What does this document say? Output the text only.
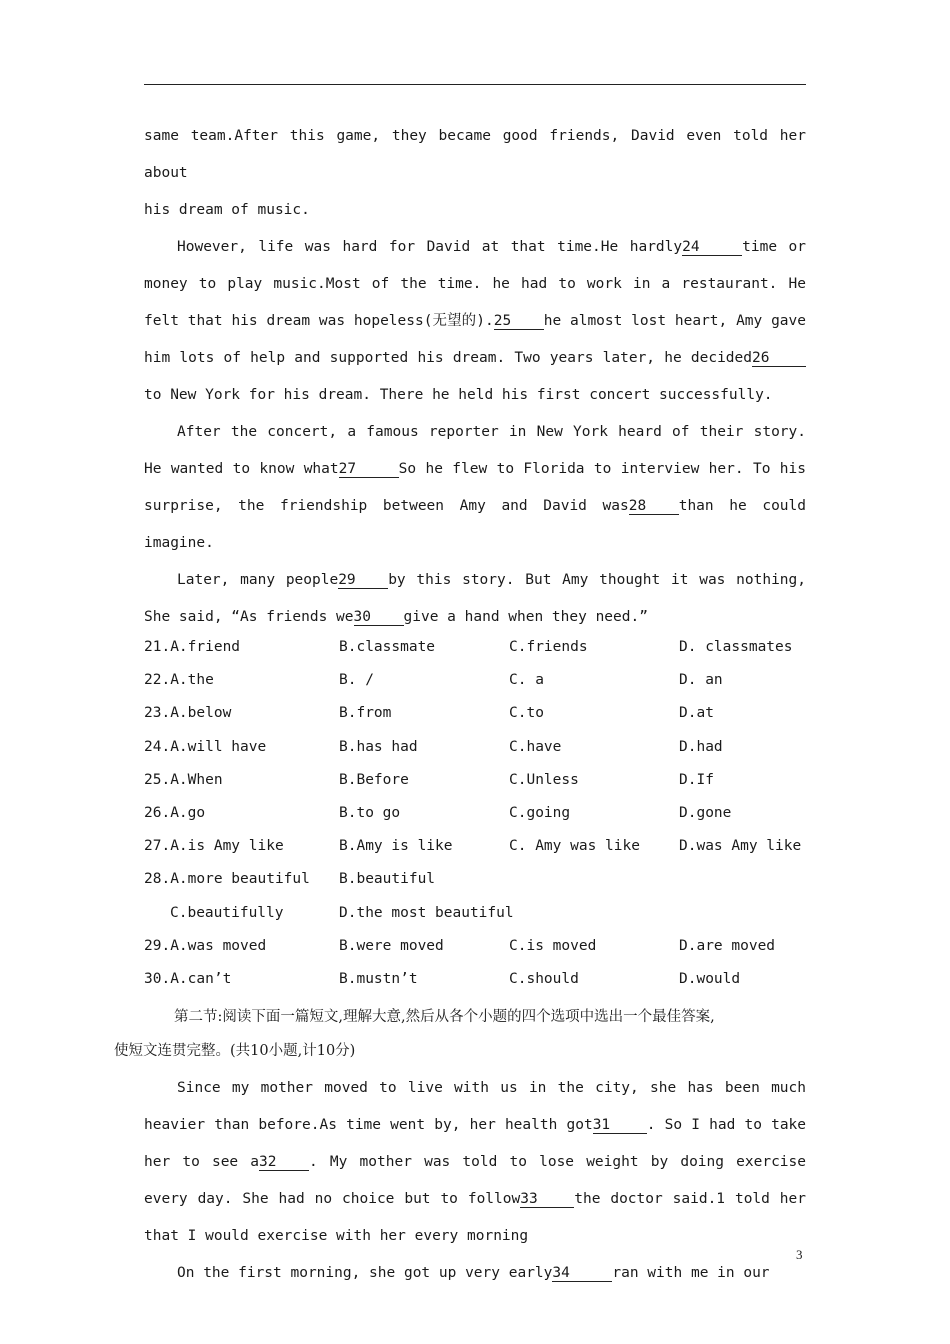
same team.After this game, they became good friends, David even told her about
his dream of music.

However, life was hard for David at that time.He hardly24	time or money to play music.Most of the time. he had to work in a restaurant. He felt that his dream was hopeless(无望的).25 he almost lost heart, Amy gave him lots of help and supported his dream. Two years later, he decided26to New York for his dream. There he held his first concert successfully.

After the concert, a famous reporter in New York heard of their story. He wanted to know what27	So he flew to Florida to interview her. To his surprise, the friendship between Amy and David was28 than he could imagine.

Later, many people29 by this story. But Amy thought it was nothing, She said, “As friends we30 give a hand when they need.”

21.A.friend	B.classmate	C.friends	D. classmates
22.A.the	B. /	C. a	D. an
23.A.below	B.from	C.to	D.at
24.A.will have	B.has had	C.have	D.had
25.A.When	B.Before	C.Unless	D.If
26.A.go	B.to go	C.going	D.gone
27.A.is Amy like	B.Amy is like	C. Amy was like	D.was Amy like
28.A.more beautiful	B.beautiful
C.beautifully	D.the most beautiful
29.A.was moved	B.were moved	C.is moved	D.are moved
30.A.can’t	B.mustn’t	C.should	D.would

第二节:阅读下面一篇短文,理解大意,然后从各个小题的四个选项中选出一个最佳答案,
使短文连贯完整。(共10小题,计10分)

Since my mother moved to live with us in the city, she has been much heavier than before.As time went by, her health got31	. So I had to take her to see a32 . My mother was told to lose weight by doing exercise every day. She had no choice but to follow33	the doctor said.1 told her that I would exercise with her every morning

On the first morning, she got up very early34	ran with me in our

3
